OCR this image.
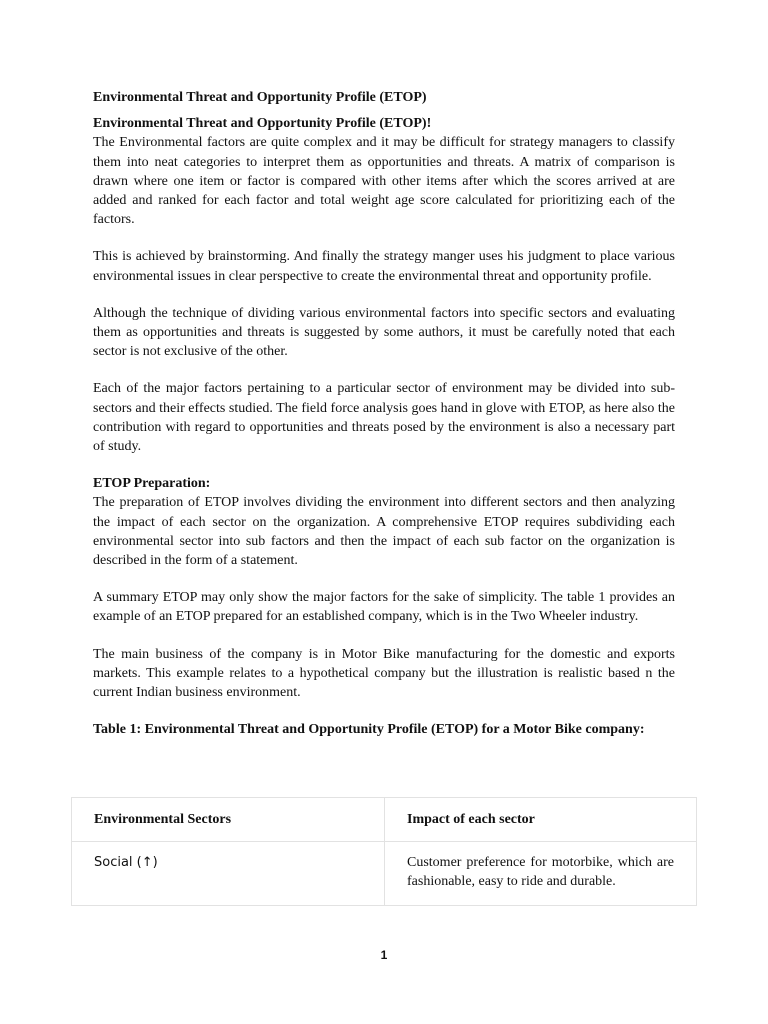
Environmental Threat and Opportunity Profile (ETOP)
Environmental Threat and Opportunity Profile (ETOP)!

The Environmental factors are quite complex and it may be difficult for strategy managers to classify them into neat categories to interpret them as opportunities and threats. A matrix of comparison is drawn where one item or factor is compared with other items after which the scores arrived at are added and ranked for each factor and total weight age score calculated for prioritizing each of the factors.

This is achieved by brainstorming. And finally the strategy manger uses his judgment to place various environmental issues in clear perspective to create the environmental threat and opportunity profile.

Although the technique of dividing various environmental factors into specific sectors and evaluating them as opportunities and threats is suggested by some authors, it must be carefully noted that each sector is not exclusive of the other.

Each of the major factors pertaining to a particular sector of environment may be divided into sub-sectors and their effects studied. The field force analysis goes hand in glove with ETOP, as here also the contribution with regard to opportunities and threats posed by the environment is also a necessary part of study.

ETOP Preparation:

The preparation of ETOP involves dividing the environment into different sectors and then analyzing the impact of each sector on the organization. A comprehensive ETOP requires subdividing each environmental sector into sub factors and then the impact of each sub factor on the organization is described in the form of a statement.

A summary ETOP may only show the major factors for the sake of simplicity. The table 1 provides an example of an ETOP prepared for an established company, which is in the Two Wheeler industry.

The main business of the company is in Motor Bike manufacturing for the domestic and exports markets. This example relates to a hypothetical company but the illustration is realistic based n the current Indian business environment.

Table 1: Environmental Threat and Opportunity Profile (ETOP) for a Motor Bike company:
Environmental Sectors	Impact of each sector
Social (↑)	Customer preference for motorbike, which are fashionable, easy to ride and durable.
1
